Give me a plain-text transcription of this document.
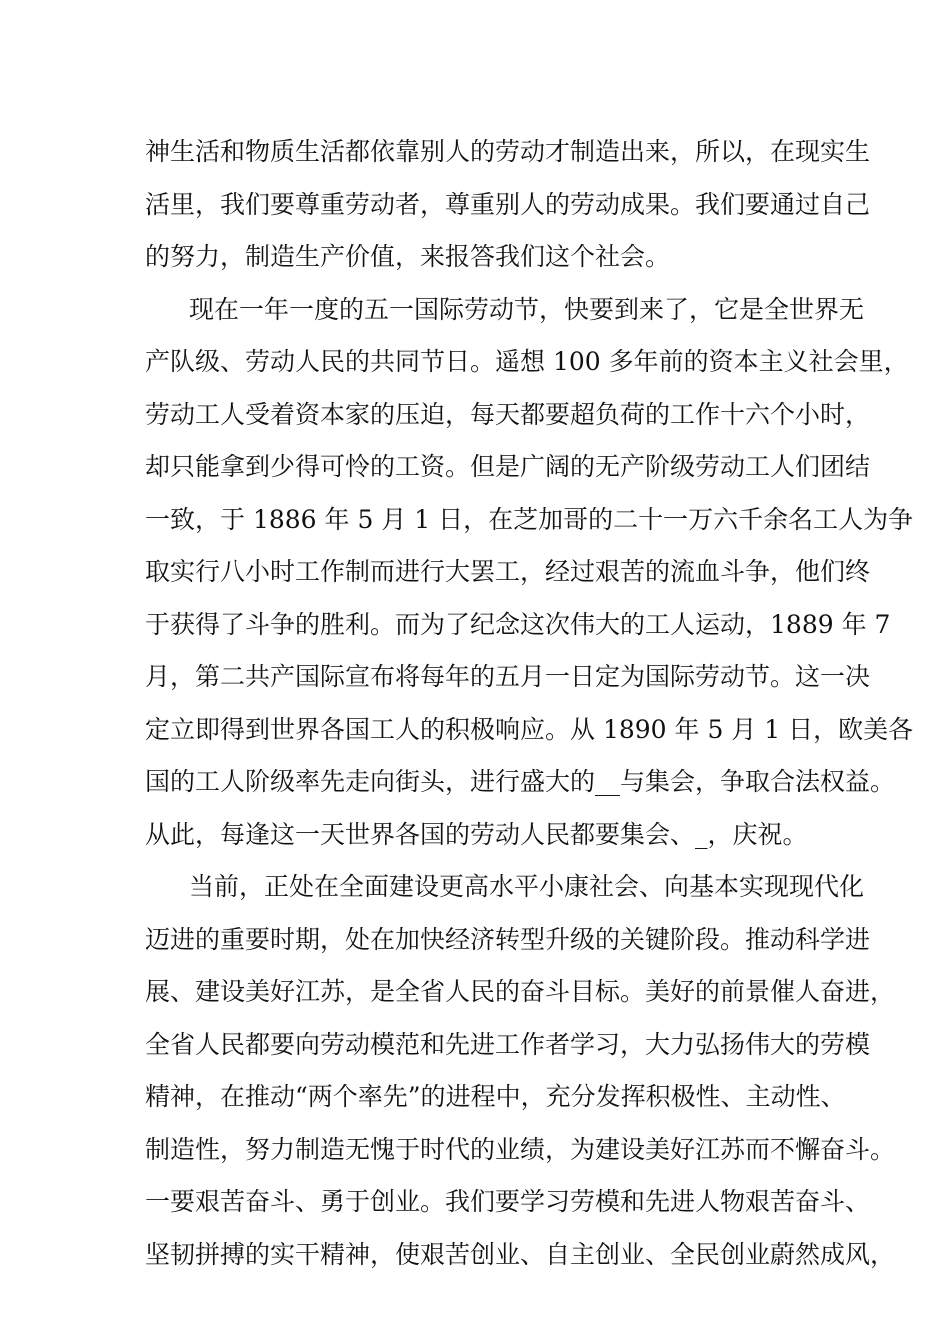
神生活和物质生活都依靠别人的劳动才制造出来，所以，在现实生
活里，我们要尊重劳动者，尊重别人的劳动成果。我们要通过自己
的努力，制造生产价值，来报答我们这个社会。
现在一年一度的五一国际劳动节，快要到来了，它是全世界无
产队级、劳动人民的共同节日。遥想 100 多年前的资本主义社会里，
劳动工人受着资本家的压迫，每天都要超负荷的工作十六个小时，
却只能拿到少得可怜的工资。但是广阔的无产阶级劳动工人们团结
一致，于 1886 年 5 月 1 日，在芝加哥的二十一万六千余名工人为争
取实行八小时工作制而进行大罢工，经过艰苦的流血斗争，他们终
于获得了斗争的胜利。而为了纪念这次伟大的工人运动，1889 年 7
月，第二共产国际宣布将每年的五月一日定为国际劳动节。这一决
定立即得到世界各国工人的积极响应。从 1890 年 5 月 1 日，欧美各
国的工人阶级率先走向街头，进行盛大的__与集会，争取合法权益。
从此，每逢这一天世界各国的劳动人民都要集会、_，庆祝。
当前，正处在全面建设更高水平小康社会、向基本实现现代化
迈进的重要时期，处在加快经济转型升级的关键阶段。推动科学进
展、建设美好江苏，是全省人民的奋斗目标。美好的前景催人奋进，
全省人民都要向劳动模范和先进工作者学习，大力弘扬伟大的劳模
精神，在推动“两个率先”的进程中，充分发挥积极性、主动性、
制造性，努力制造无愧于时代的业绩，为建设美好江苏而不懈奋斗。
一要艰苦奋斗、勇于创业。我们要学习劳模和先进人物艰苦奋斗、
坚韧拼搏的实干精神，使艰苦创业、自主创业、全民创业蔚然成风，
